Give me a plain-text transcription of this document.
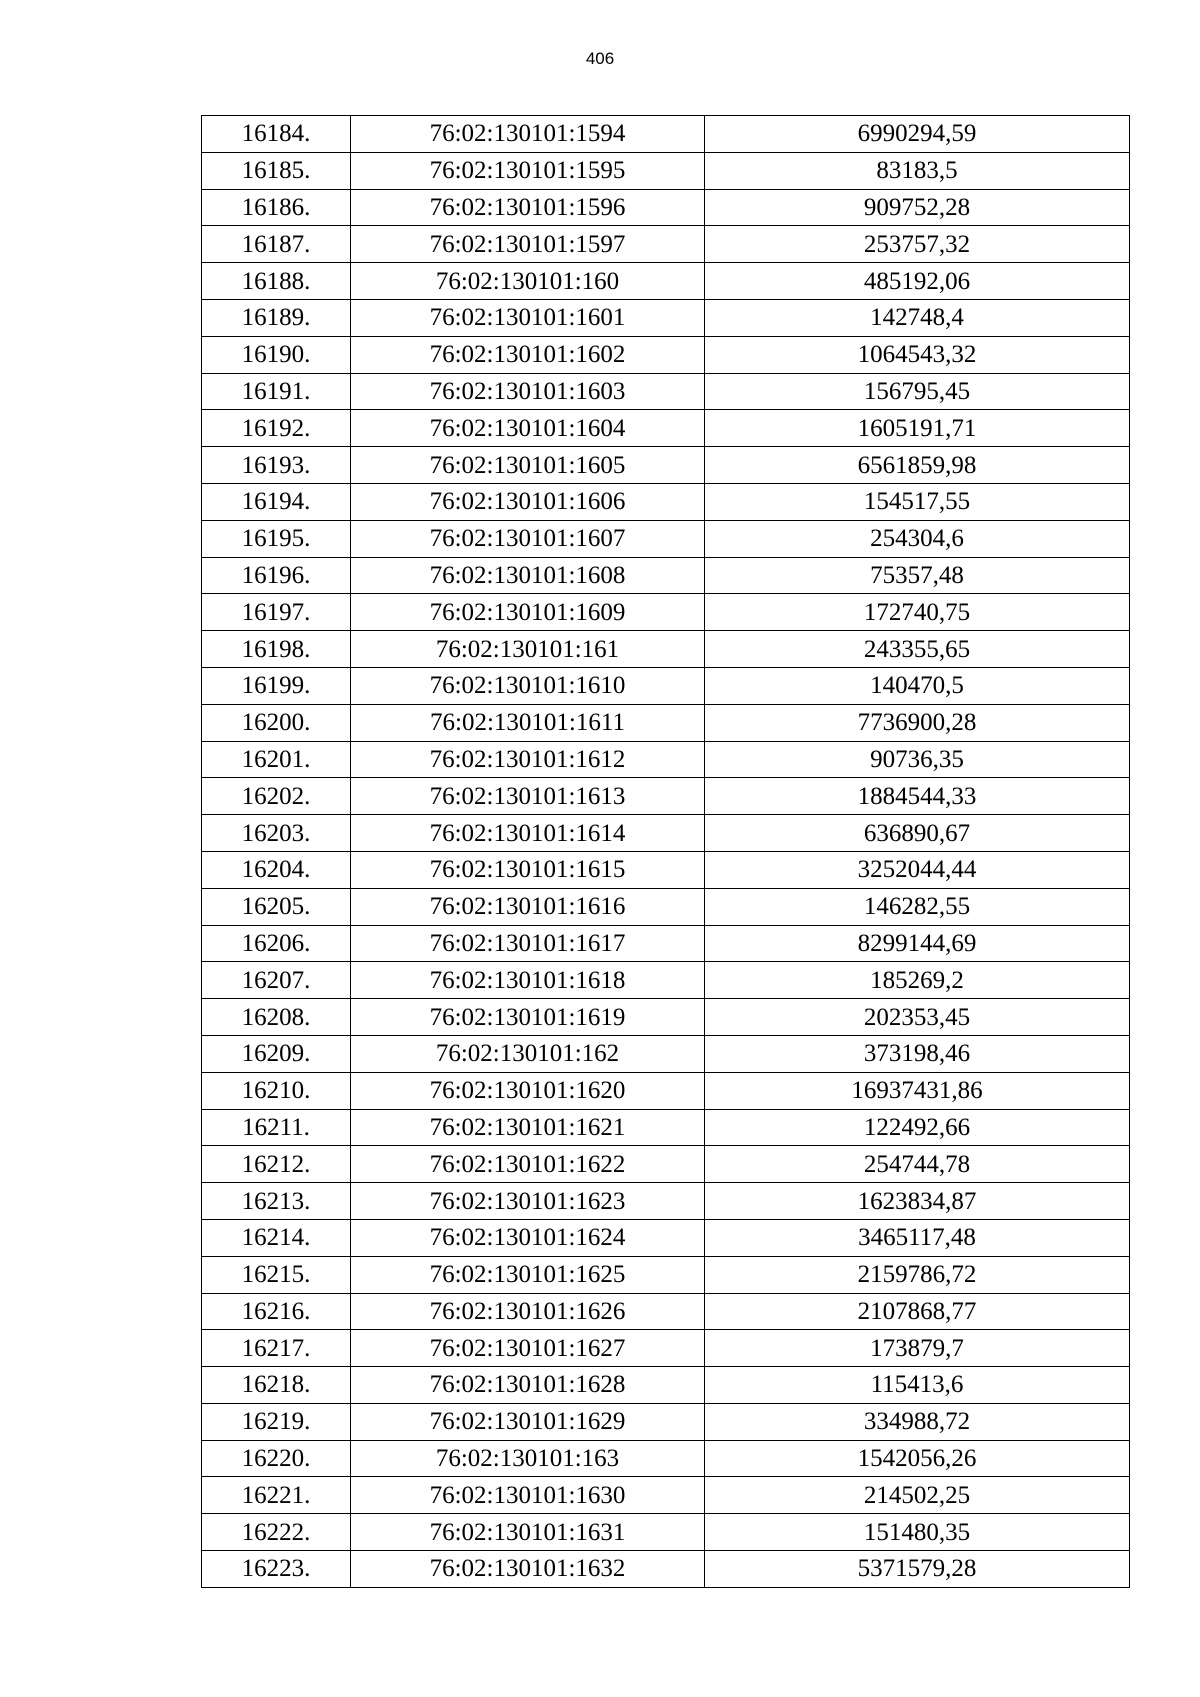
406
16184.	76:02:130101:1594	6990294,59
16185.	76:02:130101:1595	83183,5
16186.	76:02:130101:1596	909752,28
16187.	76:02:130101:1597	253757,32
16188.	76:02:130101:160	485192,06
16189.	76:02:130101:1601	142748,4
16190.	76:02:130101:1602	1064543,32
16191.	76:02:130101:1603	156795,45
16192.	76:02:130101:1604	1605191,71
16193.	76:02:130101:1605	6561859,98
16194.	76:02:130101:1606	154517,55
16195.	76:02:130101:1607	254304,6
16196.	76:02:130101:1608	75357,48
16197.	76:02:130101:1609	172740,75
16198.	76:02:130101:161	243355,65
16199.	76:02:130101:1610	140470,5
16200.	76:02:130101:1611	7736900,28
16201.	76:02:130101:1612	90736,35
16202.	76:02:130101:1613	1884544,33
16203.	76:02:130101:1614	636890,67
16204.	76:02:130101:1615	3252044,44
16205.	76:02:130101:1616	146282,55
16206.	76:02:130101:1617	8299144,69
16207.	76:02:130101:1618	185269,2
16208.	76:02:130101:1619	202353,45
16209.	76:02:130101:162	373198,46
16210.	76:02:130101:1620	16937431,86
16211.	76:02:130101:1621	122492,66
16212.	76:02:130101:1622	254744,78
16213.	76:02:130101:1623	1623834,87
16214.	76:02:130101:1624	3465117,48
16215.	76:02:130101:1625	2159786,72
16216.	76:02:130101:1626	2107868,77
16217.	76:02:130101:1627	173879,7
16218.	76:02:130101:1628	115413,6
16219.	76:02:130101:1629	334988,72
16220.	76:02:130101:163	1542056,26
16221.	76:02:130101:1630	214502,25
16222.	76:02:130101:1631	151480,35
16223.	76:02:130101:1632	5371579,28
